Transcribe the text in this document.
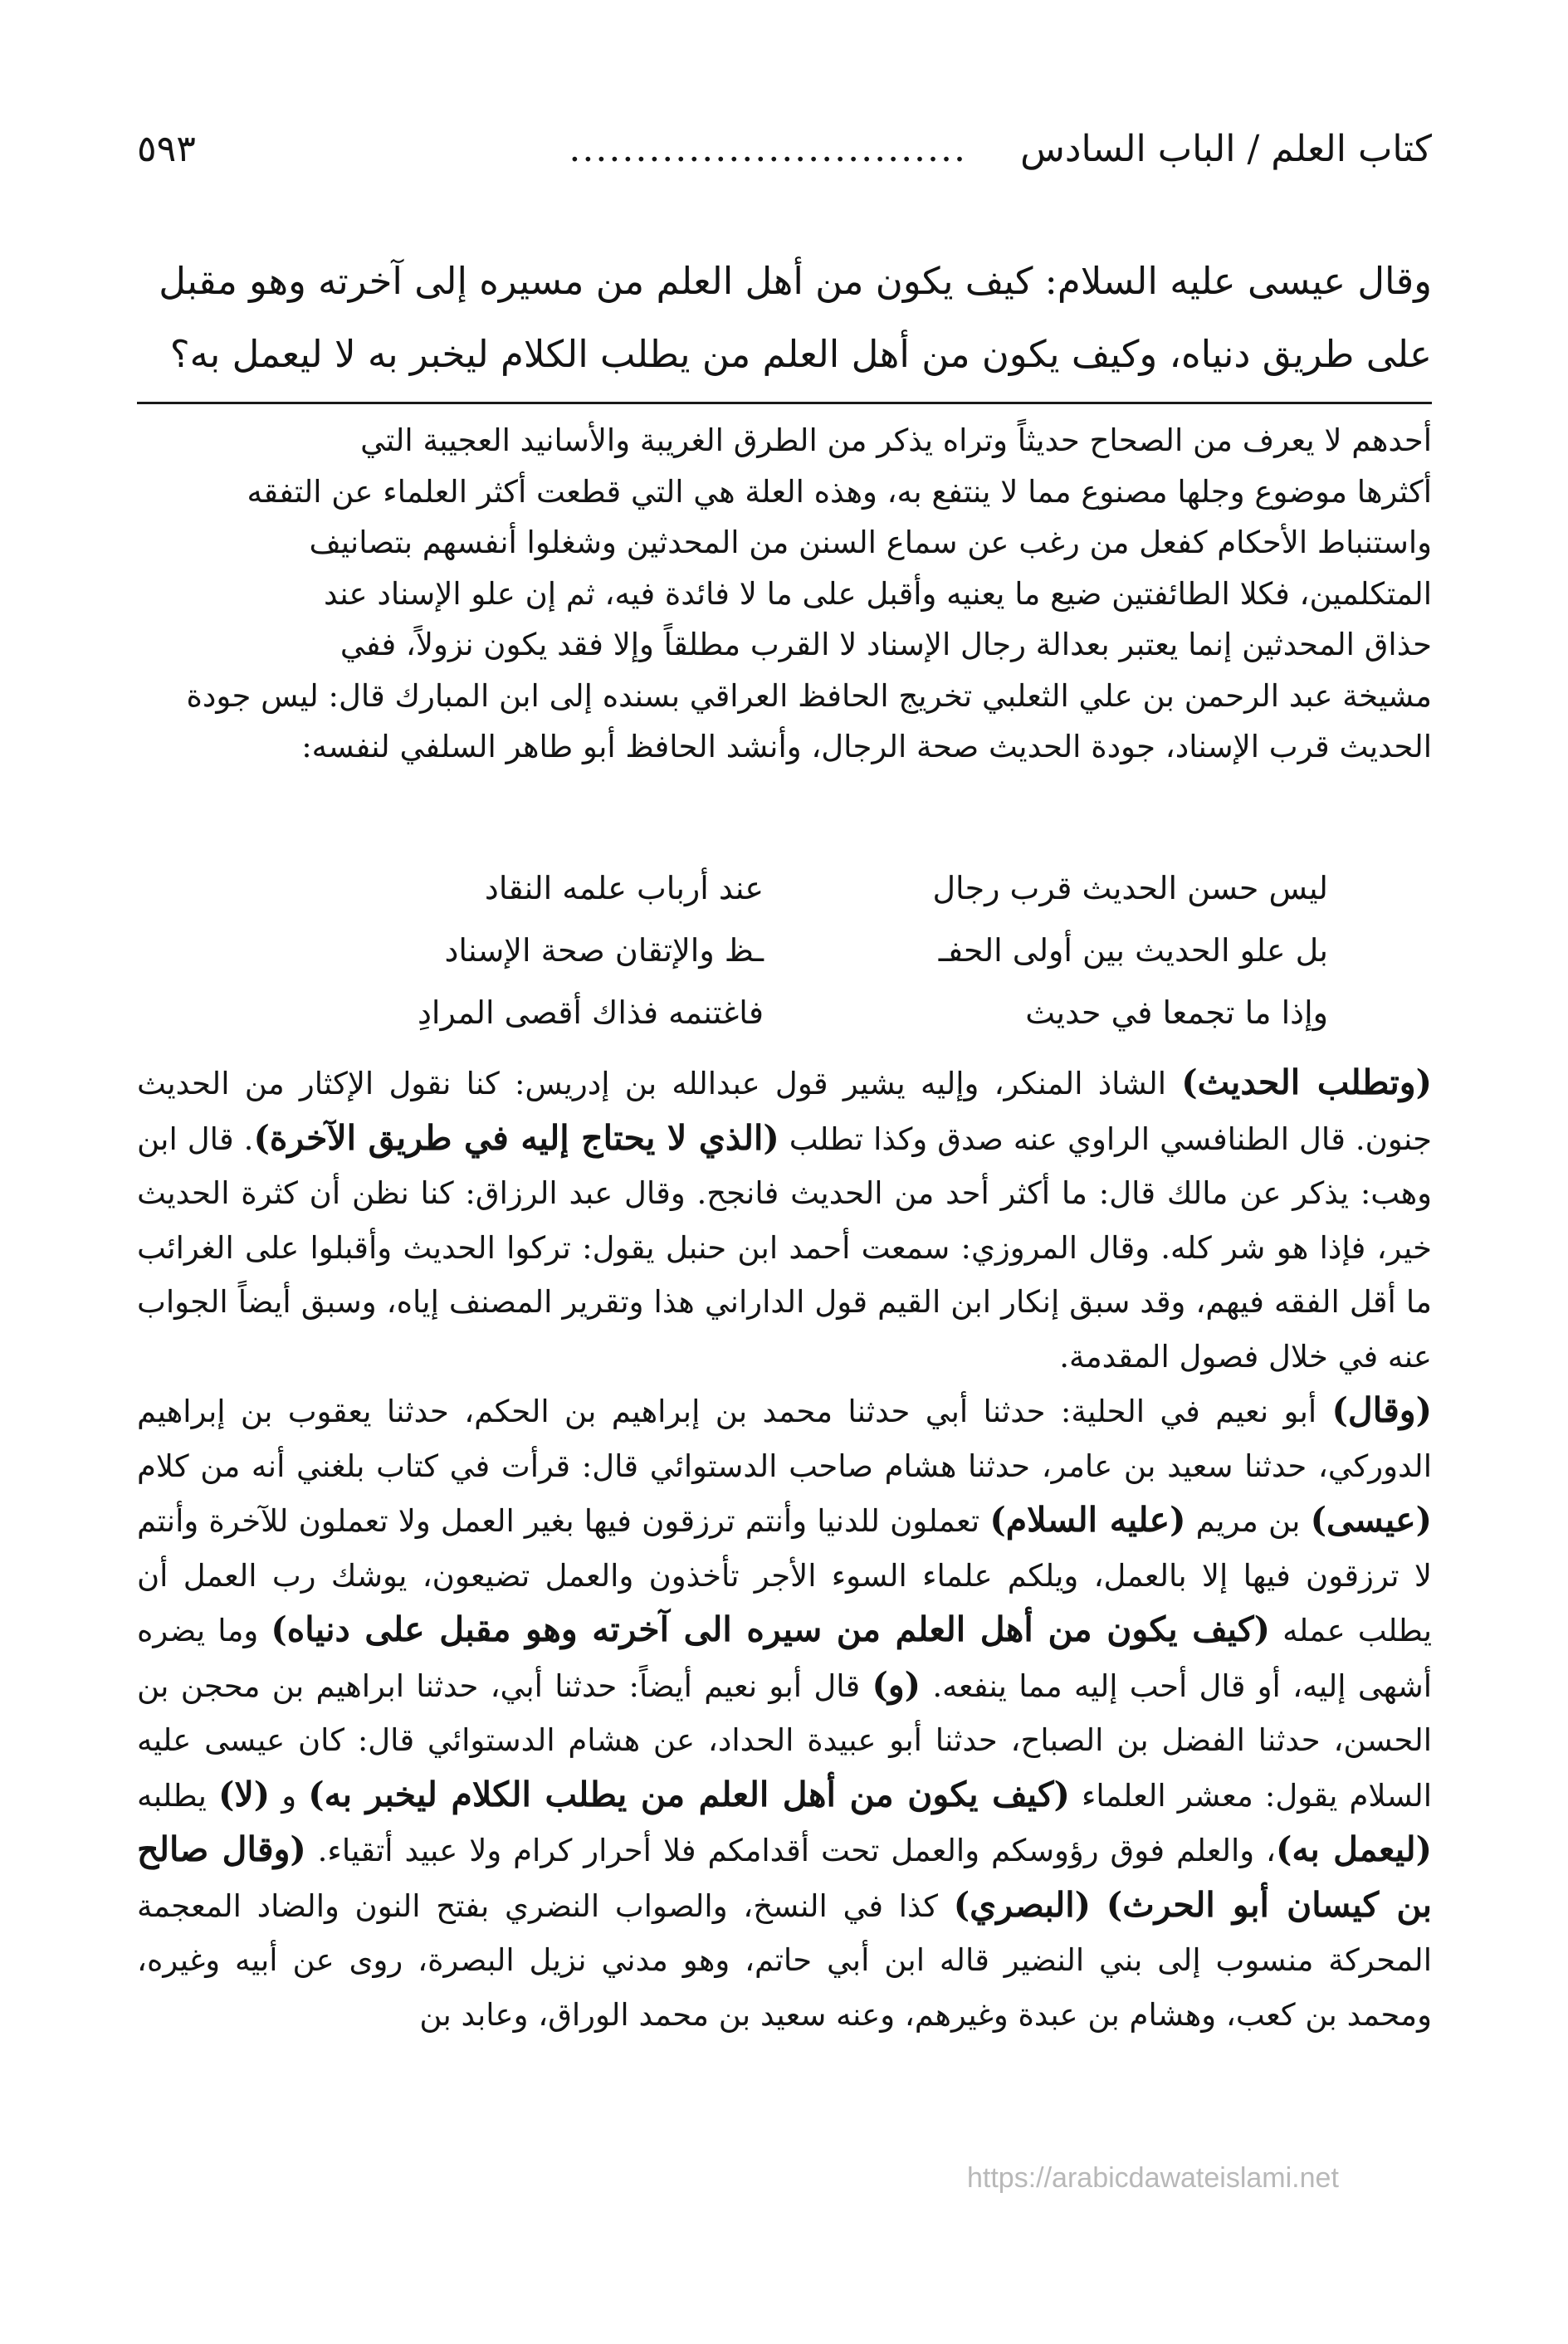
كتاب العلم / الباب السادس
..............................
٥٩٣
وقال عيسى عليه السلام: كيف يكون من أهل العلم من مسيره إلى آخرته وهو مقبل
على طريق دنياه، وكيف يكون من أهل العلم من يطلب الكلام ليخبر به لا ليعمل به؟
أحدهم لا يعرف من الصحاح حديثاً وتراه يذكر من الطرق الغريبة والأسانيد العجيبة التي
أكثرها موضوع وجلها مصنوع مما لا ينتفع به، وهذه العلة هي التي قطعت أكثر العلماء عن التفقه
واستنباط الأحكام كفعل من رغب عن سماع السنن من المحدثين وشغلوا أنفسهم بتصانيف
المتكلمين، فكلا الطائفتين ضيع ما يعنيه وأقبل على ما لا فائدة فيه، ثم إن علو الإسناد عند
حذاق المحدثين إنما يعتبر بعدالة رجال الإسناد لا القرب مطلقاً وإلا فقد يكون نزولاً، ففي
مشيخة عبد الرحمن بن علي الثعلبي تخريج الحافظ العراقي بسنده إلى ابن المبارك قال: ليس جودة
الحديث قرب الإسناد، جودة الحديث صحة الرجال، وأنشد الحافظ أبو طاهر السلفي لنفسه:
ليس حسن الحديث قرب رجال
عند أرباب علمه النقاد
بل علو الحديث بين أولى الحفـ
ـظ والإتقان صحة الإسناد
وإذا ما تجمعا في حديث
فاغتنمه فذاك أقصى المرادِ

(وتطلب الحديث) الشاذ المنكر، وإليه يشير قول عبدالله بن إدريس: كنا نقول الإكثار من الحديث جنون. قال الطنافسي الراوي عنه صدق وكذا تطلب (الذي لا يحتاج إليه في طريق الآخرة). قال ابن وهب: يذكر عن مالك قال: ما أكثر أحد من الحديث فانجح. وقال عبد الرزاق: كنا نظن أن كثرة الحديث خير، فإذا هو شر كله. وقال المروزي: سمعت أحمد ابن حنبل يقول: تركوا الحديث وأقبلوا على الغرائب ما أقل الفقه فيهم، وقد سبق إنكار ابن القيم قول الداراني هذا وتقرير المصنف إياه، وسبق أيضاً الجواب عنه في خلال فصول المقدمة.

(وقال) أبو نعيم في الحلية: حدثنا أبي حدثنا محمد بن إبراهيم بن الحكم، حدثنا يعقوب بن إبراهيم الدوركي، حدثنا سعيد بن عامر، حدثنا هشام صاحب الدستوائي قال: قرأت في كتاب بلغني أنه من كلام (عيسى) بن مريم (عليه السلام) تعملون للدنيا وأنتم ترزقون فيها بغير العمل ولا تعملون للآخرة وأنتم لا ترزقون فيها إلا بالعمل، ويلكم علماء السوء الأجر تأخذون والعمل تضيعون، يوشك رب العمل أن يطلب عمله (كيف يكون من أهل العلم من سيره الى آخرته وهو مقبل على دنياه) وما يضره أشهى إليه، أو قال أحب إليه مما ينفعه. (و) قال أبو نعيم أيضاً: حدثنا أبي، حدثنا ابراهيم بن محجن بن الحسن، حدثنا الفضل بن الصباح، حدثنا أبو عبيدة الحداد، عن هشام الدستوائي قال: كان عيسى عليه السلام يقول: معشر العلماء (كيف يكون من أهل العلم من يطلب الكلام ليخبر به) و (لا) يطلبه (ليعمل به)، والعلم فوق رؤوسكم والعمل تحت أقدامكم فلا أحرار كرام ولا عبيد أتقياء. (وقال صالح بن كيسان أبو الحرث) (البصري) كذا في النسخ، والصواب النضري بفتح النون والضاد المعجمة المحركة منسوب إلى بني النضير قاله ابن أبي حاتم، وهو مدني نزيل البصرة، روى عن أبيه وغيره، ومحمد بن كعب، وهشام بن عبدة وغيرهم، وعنه سعيد بن محمد الوراق، وعابد بن

https://arabicdawateislami.net
